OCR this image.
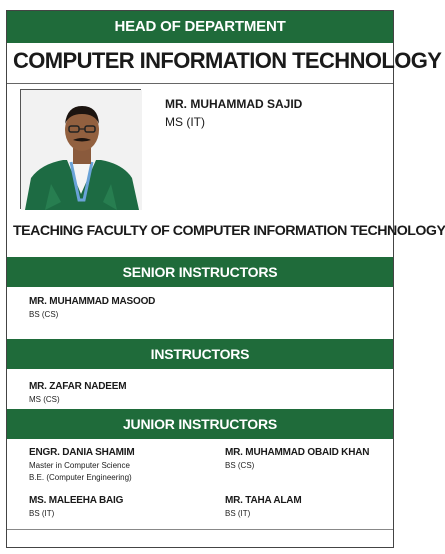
HEAD OF DEPARTMENT
COMPUTER INFORMATION TECHNOLOGY
MR. MUHAMMAD SAJID
MS (IT)
TEACHING FACULTY OF COMPUTER INFORMATION TECHNOLOGY
SENIOR INSTRUCTORS
MR. MUHAMMAD MASOOD
BS (CS)
INSTRUCTORS
MR. ZAFAR NADEEM
MS (CS)
JUNIOR INSTRUCTORS
ENGR. DANIA SHAMIM
Master in Computer Science
B.E. (Computer Engineering)
MR. MUHAMMAD OBAID KHAN
BS (CS)
MS. MALEEHA BAIG
BS (IT)
MR. TAHA ALAM
BS (IT)
